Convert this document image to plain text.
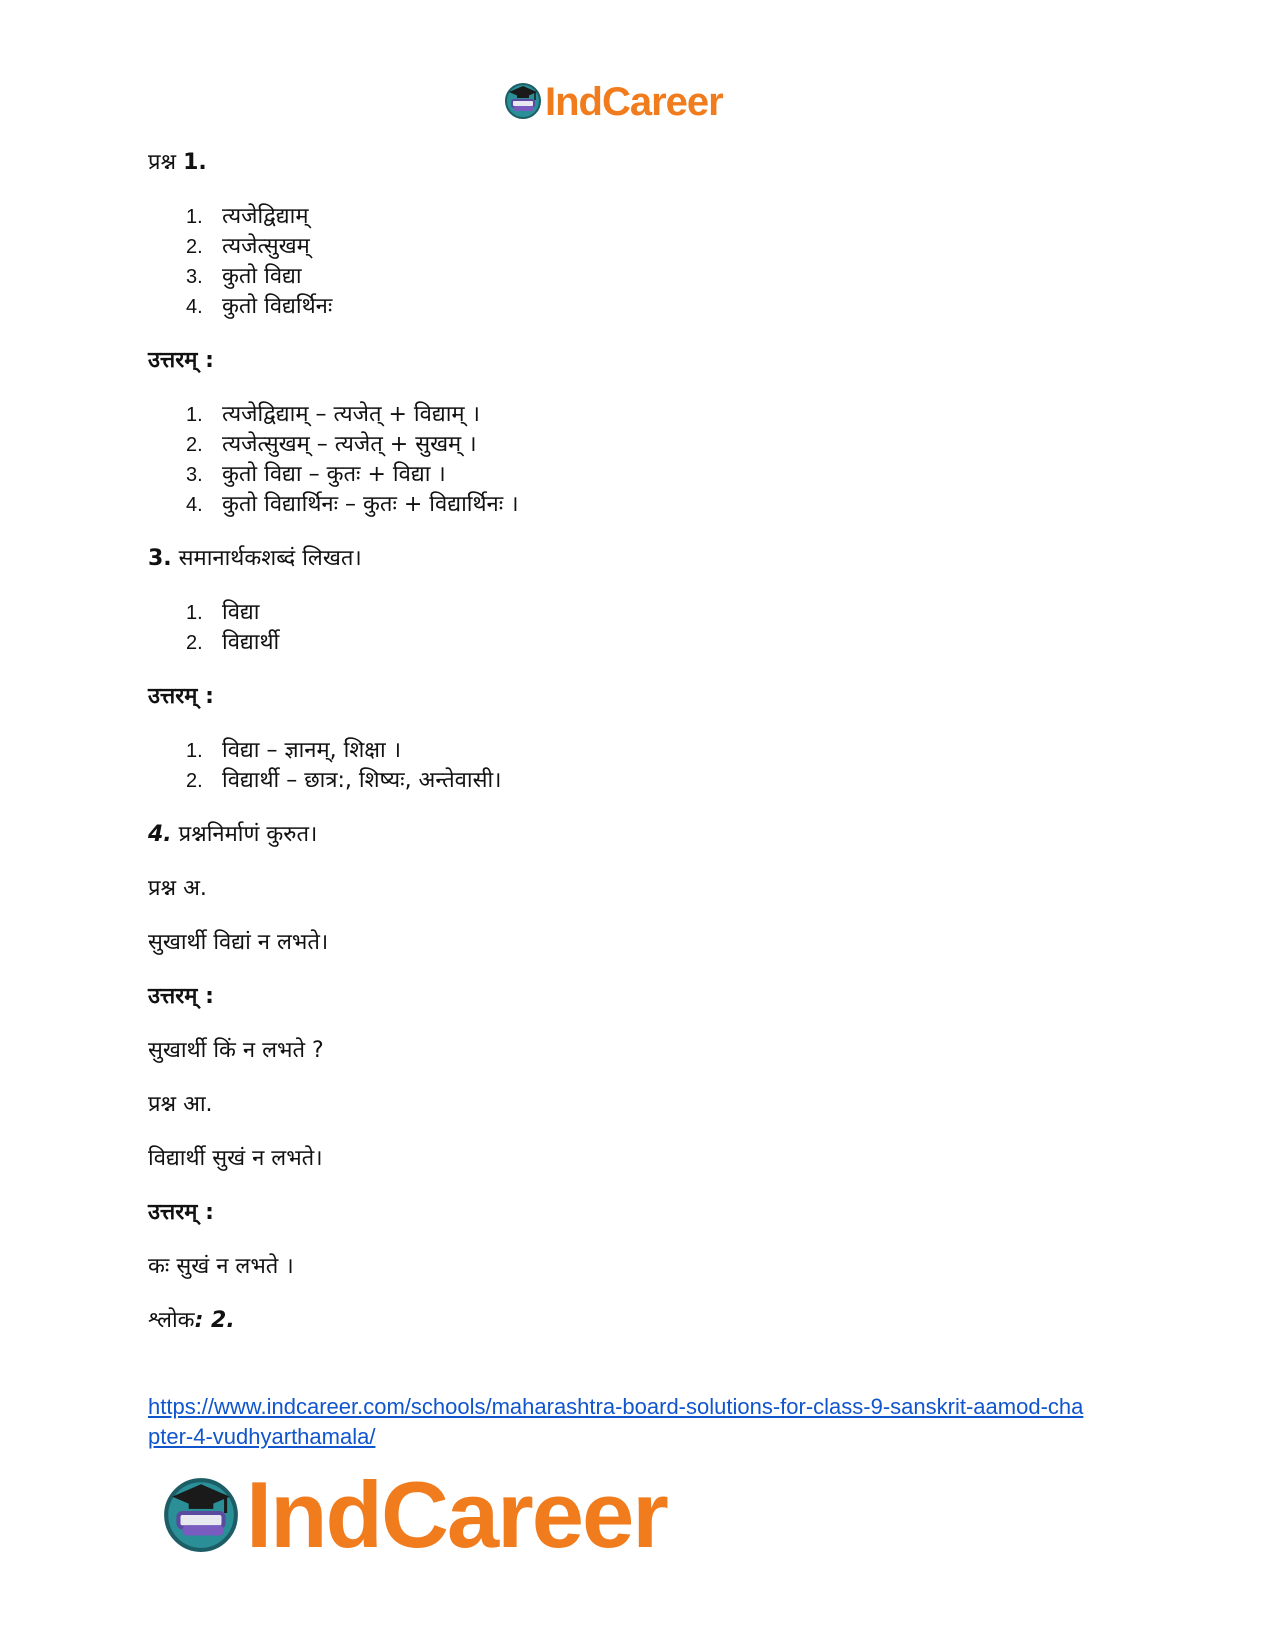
IndCareer
प्रश्न 1.
1. त्यजेद्विद्याम्
2. त्यजेत्सुखम्
3. कुतो विद्या
4. कुतो विद्यर्थिनः
उत्तरम् :
1. त्यजेद्विद्याम् – त्यजेत् + विद्याम् ।
2. त्यजेत्सुखम् – त्यजेत् + सुखम् ।
3. कुतो विद्या – कुतः + विद्या ।
4. कुतो विद्यार्थिनः – कुतः + विद्यार्थिनः ।
3. समानार्थकशब्दं लिखत।
1. विद्या
2. विद्यार्थी
उत्तरम् :
1. विद्या – ज्ञानम्, शिक्षा ।
2. विद्यार्थी – छात्र:, शिष्यः, अन्तेवासी।
4. प्रश्ननिर्माणं कुरुत।
प्रश्न अ.
सुखार्थी विद्यां न लभते।
उत्तरम् :
सुखार्थी किं न लभते ?
प्रश्न आ.
विद्यार्थी सुखं न लभते।
उत्तरम् :
कः सुखं न लभते ।
श्लोक: 2.
https://www.indcareer.com/schools/maharashtra-board-solutions-for-class-9-sanskrit-aamod-cha
pter-4-vudhyarthamala/
IndCareer
